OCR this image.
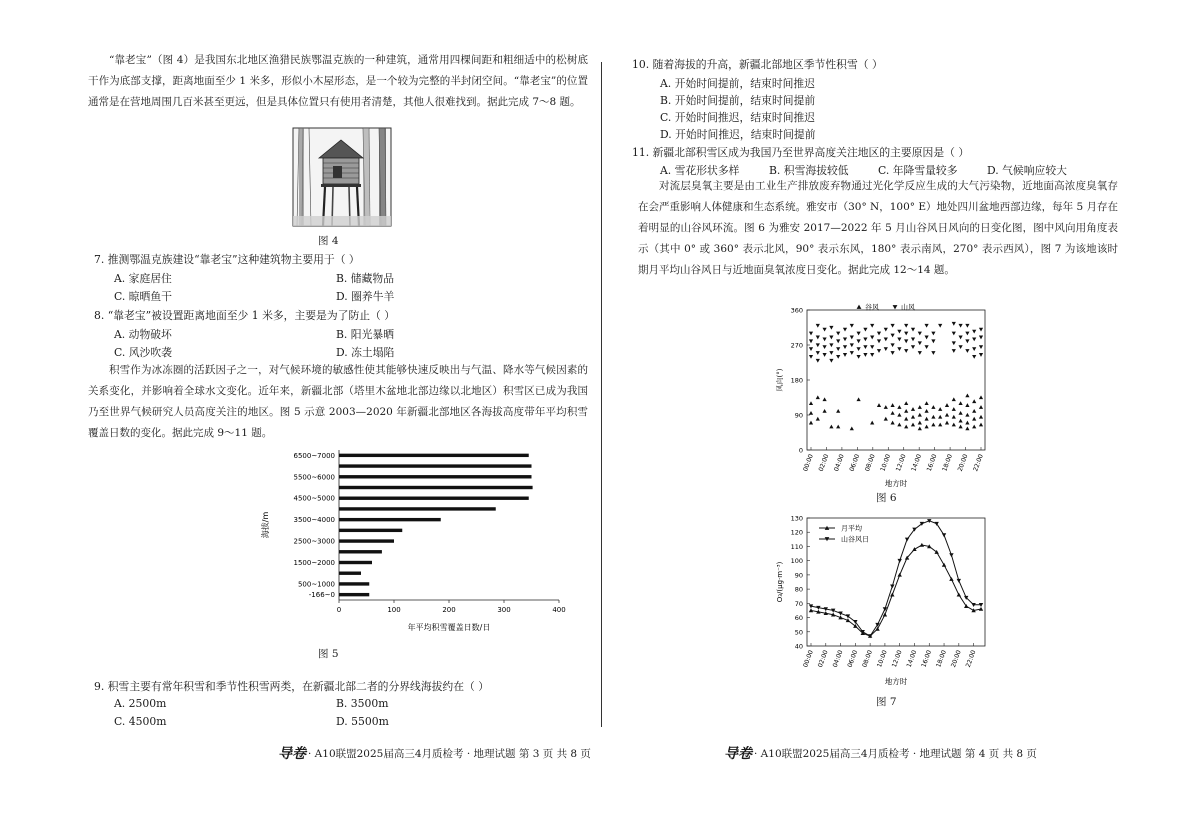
“靠老宝”（图 4）是我国东北地区渔猎民族鄂温克族的一种建筑，通常用四棵间距和粗细适中的松树底干作为底部支撑，距离地面至少 1 米多，形似小木屋形态，是一个较为完整的半封闭空间。“靠老宝”的位置通常是在营地周围几百米甚至更远，但是具体位置只有使用者清楚，其他人很难找到。据此完成 7～8 题。

图 4
7. 推测鄂温克族建设“靠老宝”这种建筑物主要用于（ ）
A. 家庭居住	B. 储藏物品
C. 晾晒鱼干	D. 圈养牛羊
8. “靠老宝”被设置距离地面至少 1 米多，主要是为了防止（ ）
A. 动物破坏	B. 阳光暴晒
C. 风沙吹袭	D. 冻土塌陷

积雪作为冰冻圈的活跃因子之一，对气候环境的敏感性使其能够快速反映出与气温、降水等气候因素的关系变化，并影响着全球水文变化。近年来，新疆北部（塔里木盆地北部边缘以北地区）积雪区已成为我国乃至世界气候研究人员高度关注的地区。图 5 示意 2003—2020 年新疆北部地区各海拔高度带年平均积雪覆盖日数的变化。据此完成 9～11 题。

6500~7000
5500~6000
4500~5000
3500~4000
2500~3000
1500~2000
500~1000
-166~0
0	100	200	300	400
年平均积雪覆盖日数/日
海拔/m
图 5
9. 积雪主要有常年积雪和季节性积雪两类，在新疆北部二者的分界线海拔约在（ ）
A. 2500m	B. 3500m
C. 4500m	D. 5500m
导卷 · A10联盟2025届高三4月质检考 · 地理试题 第 3 页 共 8 页
10. 随着海拔的升高，新疆北部地区季节性积雪（ ）
A. 开始时间提前，结束时间推迟
B. 开始时间提前，结束时间提前
C. 开始时间推迟，结束时间推迟
D. 开始时间推迟，结束时间提前
11. 新疆北部积雪区成为我国乃至世界高度关注地区的主要原因是（ ）
A. 雪花形状多样	B. 积雪海拔较低	C. 年降雪量较多	D. 气候响应较大

对流层臭氧主要是由工业生产排放废弃物通过光化学反应生成的大气污染物，近地面高浓度臭氧存在会严重影响人体健康和生态系统。雅安市（30° N，100° E）地处四川盆地西部边缘，每年 5 月存在着明显的山谷风环流。图 6 为雅安 2017—2022 年 5 月山谷风日风向的日变化图，图中风向用角度表示（其中 0° 或 360° 表示北风，90° 表示东风，180° 表示南风，270° 表示西风），图 7 为该地该时期月平均山谷风日与近地面臭氧浓度日变化。据此完成 12～14 题。

0
90
180
270
360
风向(°)
00:00 02:00 04:00 06:00 08:00 10:00 12:00 14:00 16:00 18:00 20:00 22:00
地方时
谷风	山风
图 6
40
50
60
70
80
90
100
110
120
130
O₃/(μg·m⁻³)
00:00 02:00 04:00 06:00 08:00 10:00 12:00 14:00 16:00 18:00 20:00 22:00
地方时
月平均
山谷风日
图 7
导卷 · A10联盟2025届高三4月质检考 · 地理试题 第 4 页 共 8 页
